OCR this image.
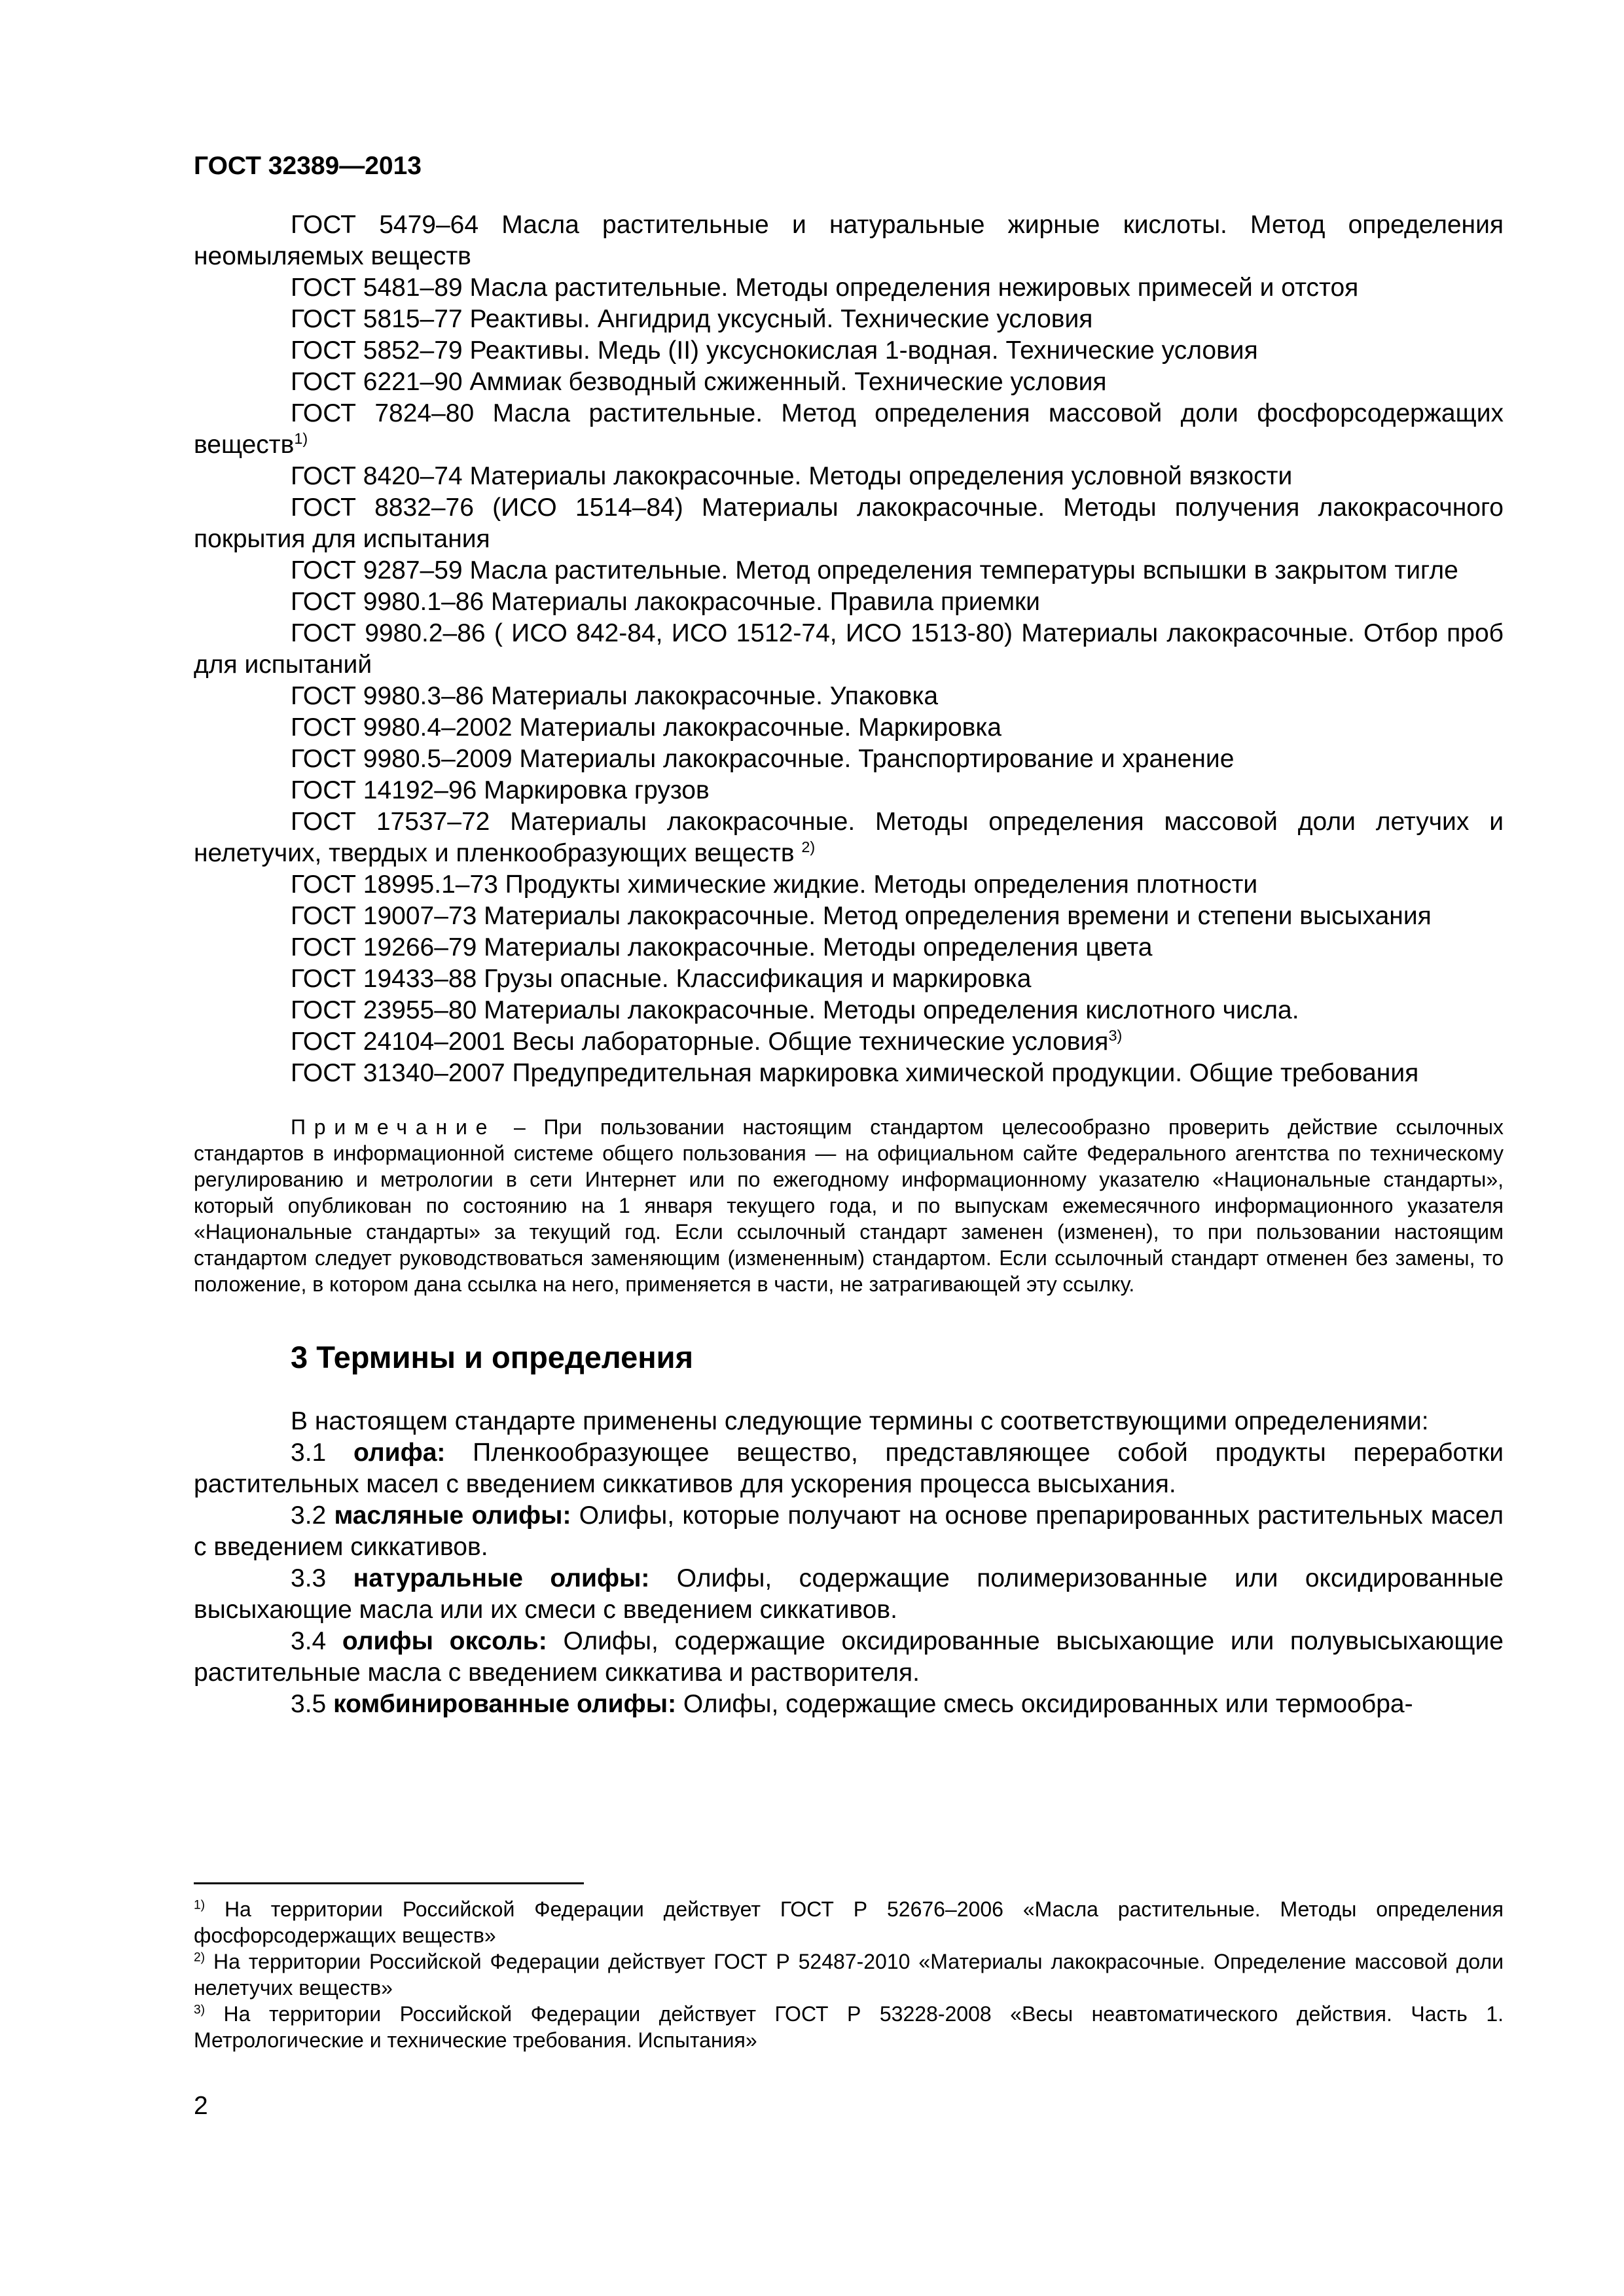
ГОСТ 32389—2013

ГОСТ 5479–64 Масла растительные и натуральные жирные кислоты. Метод определения неомыляемых веществ

ГОСТ 5481–89 Масла растительные. Методы определения нежировых примесей и отстоя

ГОСТ 5815–77 Реактивы. Ангидрид уксусный. Технические условия

ГОСТ 5852–79 Реактивы. Медь (II) уксуснокислая 1-водная. Технические условия

ГОСТ 6221–90 Аммиак безводный сжиженный. Технические условия

ГОСТ 7824–80 Масла растительные. Метод определения массовой доли фосфорсодержащих веществ$^{1)}$

ГОСТ 8420–74 Материалы лакокрасочные. Методы определения условной вязкости

ГОСТ 8832–76 (ИСО 1514–84) Материалы лакокрасочные. Методы получения лакокрасочного покрытия для испытания

ГОСТ 9287–59 Масла растительные. Метод определения температуры вспышки в закрытом тигле

ГОСТ 9980.1–86 Материалы лакокрасочные. Правила приемки

ГОСТ 9980.2–86 ( ИСО 842-84, ИСО 1512-74, ИСО 1513-80) Материалы лакокрасочные. Отбор проб для испытаний

ГОСТ 9980.3–86 Материалы лакокрасочные. Упаковка

ГОСТ 9980.4–2002 Материалы лакокрасочные. Маркировка

ГОСТ 9980.5–2009 Материалы лакокрасочные. Транспортирование и хранение

ГОСТ 14192–96 Маркировка грузов

ГОСТ 17537–72 Материалы лакокрасочные. Методы определения массовой доли летучих и нелетучих, твердых и пленкообразующих веществ $^{2)}$

ГОСТ 18995.1–73 Продукты химические жидкие. Методы определения плотности

ГОСТ 19007–73 Материалы лакокрасочные. Метод определения времени и степени высыхания

ГОСТ 19266–79 Материалы лакокрасочные. Методы определения цвета

ГОСТ 19433–88 Грузы опасные. Классификация и маркировка

ГОСТ 23955–80 Материалы лакокрасочные. Методы определения кислотного числа.

ГОСТ 24104–2001 Весы лабораторные. Общие технические условия$^{3)}$

ГОСТ 31340–2007 Предупредительная маркировка химической продукции. Общие требования

Примечание – При пользовании настоящим стандартом целесообразно проверить действие ссылочных стандартов в информационной системе общего пользования — на официальном сайте Федерального агентства по техническому регулированию и метрологии в сети Интернет или по ежегодному информационному указателю «Национальные стандарты», который опубликован по состоянию на 1 января текущего года, и по выпускам ежемесячного информационного указателя «Национальные стандарты» за текущий год. Если ссылочный стандарт заменен (изменен), то при пользовании настоящим стандартом следует руководствоваться заменяющим (измененным) стандартом. Если ссылочный стандарт отменен без замены, то положение, в котором дана ссылка на него, применяется в части, не затрагивающей эту ссылку.

3 Термины и определения

В настоящем стандарте применены следующие термины с соответствующими определениями:

3.1 олифа: Пленкообразующее вещество, представляющее собой продукты переработки растительных масел с введением сиккативов для ускорения процесса высыхания.

3.2 масляные олифы: Олифы, которые получают на основе препарированных растительных масел с введением сиккативов.

3.3 натуральные олифы: Олифы, содержащие полимеризованные или оксидированные высыхающие масла или их смеси с введением сиккативов.

3.4 олифы оксоль: Олифы, содержащие оксидированные высыхающие или полувысыхающие растительные масла с введением сиккатива и растворителя.

3.5 комбинированные олифы: Олифы, содержащие смесь оксидированных или термообра-

$^{1)}$ На территории Российской Федерации действует ГОСТ Р 52676–2006 «Масла растительные. Методы определения фосфорсодержащих веществ»

$^{2)}$ На территории Российской Федерации действует ГОСТ Р 52487-2010 «Материалы лакокрасочные. Определение массовой доли нелетучих веществ»

$^{3)}$ На территории Российской Федерации действует ГОСТ Р 53228-2008 «Весы неавтоматического действия. Часть 1. Метрологические и технические требования. Испытания»

2
